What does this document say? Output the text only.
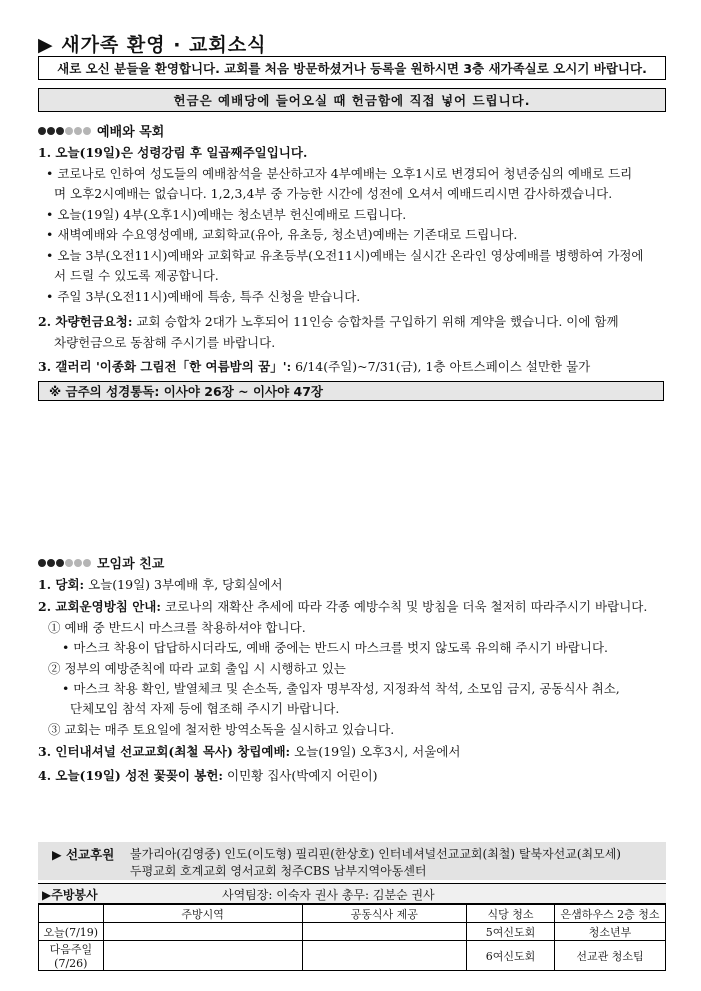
▶ 새가족 환영 · 교회소식
새로 오신 분들을 환영합니다. 교회를 처음 방문하셨거나 등록을 원하시면 3층 새가족실로 오시기 바랍니다.
헌금은 예배당에 들어오실 때 헌금함에 직접 넣어 드립니다.
예배와 목회
1. 오늘(19일)은 성령강림 후 일곱째주일입니다.
• 코로나로 인하여 성도들의 예배참석을 분산하고자 4부예배는 오후1시로 변경되어 청년중심의 예배로 드리
며 오후2시예배는 없습니다. 1,2,3,4부 중 가능한 시간에 성전에 오셔서 예배드리시면 감사하겠습니다.
• 오늘(19일) 4부(오후1시)예배는 청소년부 헌신예배로 드립니다.
• 새벽예배와 수요영성예배, 교회학교(유아, 유초등, 청소년)예배는 기존대로 드립니다.
• 오늘 3부(오전11시)예배와 교회학교 유초등부(오전11시)예배는 실시간 온라인 영상예배를 병행하여 가정에
서 드릴 수 있도록 제공합니다.
• 주일 3부(오전11시)예배에 특송, 특주 신청을 받습니다.
2. 차량헌금요청: 교회 승합차 2대가 노후되어 11인승 승합차를 구입하기 위해 계약을 했습니다. 이에 함께
차량헌금으로 동참해 주시기를 바랍니다.
3. 갤러리 '이종화 그림전「한 여름밤의 꿈」': 6/14(주일)~7/31(금), 1층 아트스페이스 설만한 물가
※ 금주의 성경통독: 이사야 26장 ~ 이사야 47장
모임과 친교
1. 당회: 오늘(19일) 3부예배 후, 당회실에서
2. 교회운영방침 안내: 코로나의 재확산 추세에 따라 각종 예방수칙 및 방침을 더욱 철저히 따라주시기 바랍니다.
① 예배 중 반드시 마스크를 착용하셔야 합니다.
• 마스크 착용이 답답하시더라도, 예배 중에는 반드시 마스크를 벗지 않도록 유의해 주시기 바랍니다.
② 정부의 예방준칙에 따라 교회 출입 시 시행하고 있는
• 마스크 착용 확인, 발열체크 및 손소독, 출입자 명부작성, 지정좌석 착석, 소모임 금지, 공동식사 취소,
단체모임 참석 자제 등에 협조해 주시기 바랍니다.
③ 교회는 매주 토요일에 철저한 방역소독을 실시하고 있습니다.
3. 인터내셔널 선교교회(최철 목사) 창립예배: 오늘(19일) 오후3시, 서울에서
4. 오늘(19일) 성전 꽃꽂이 봉헌: 이민황 집사(박예지 어린이)
▶ 선교후원 불가리아(김영중) 인도(이도형) 필리핀(한상호) 인터네셔널선교교회(최철) 탈북자선교(최모세)
두평교회 호계교회 영서교회 청주CBS 남부지역아동센터
▶주방봉사	사역팀장: 이숙자 권사 총무: 김분순 권사
	주방시역	공동식사 제공	식당 청소	은샘하우스 2층 청소
오늘(7/19)			5여신도회	청소년부
다음주일(7/26)			6여신도회	선교관 청소팀
